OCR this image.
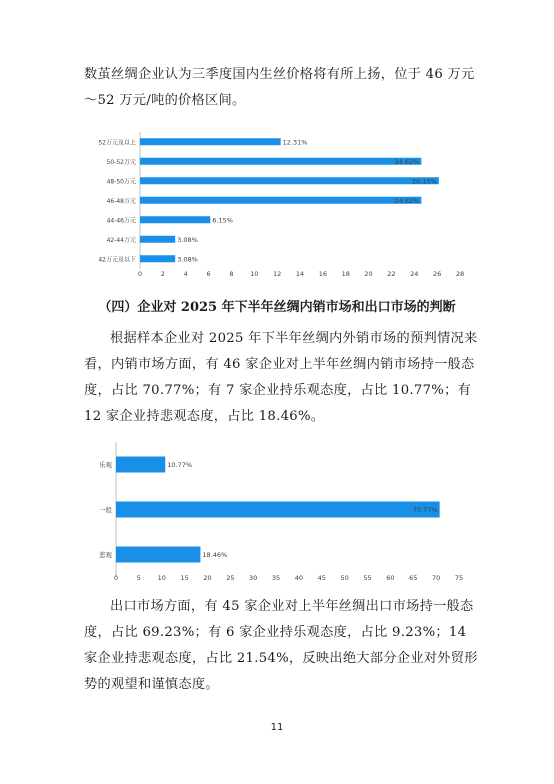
数茧丝绸企业认为三季度国内生丝价格将有所上扬，位于 46 万元～52 万元/吨的价格区间。

52万元及以上	12.31%
50-52万元	24.62%
48-50万元	26.15%
46-48万元	24.62%
44-46万元	6.15%
42-44万元	3.08%
42万元及以下	3.08%
0	2	4	6	8	10 12 14 16 18 20 22 24 26 28

（四）企业对 2025 年下半年丝绸内销市场和出口市场的判断

根据样本企业对 2025 年下半年丝绸内外销市场的预判情况来看，内销市场方面，有 46 家企业对上半年丝绸内销市场持一般态度，占比 70.77%；有 7 家企业持乐观态度，占比 10.77%；有 12 家企业持悲观态度，占比 18.46%。

乐观	10.77%
一般	70.77%
悲观	18.46%
0	5	10 15 20 25 30 35 40 45 50 55 60 65 70 75

出口市场方面，有 45 家企业对上半年丝绸出口市场持一般态度，占比 69.23%；有 6 家企业持乐观态度，占比 9.23%；14 家企业持悲观态度，占比 21.54%，反映出绝大部分企业对外贸形势的观望和谨慎态度。

11
